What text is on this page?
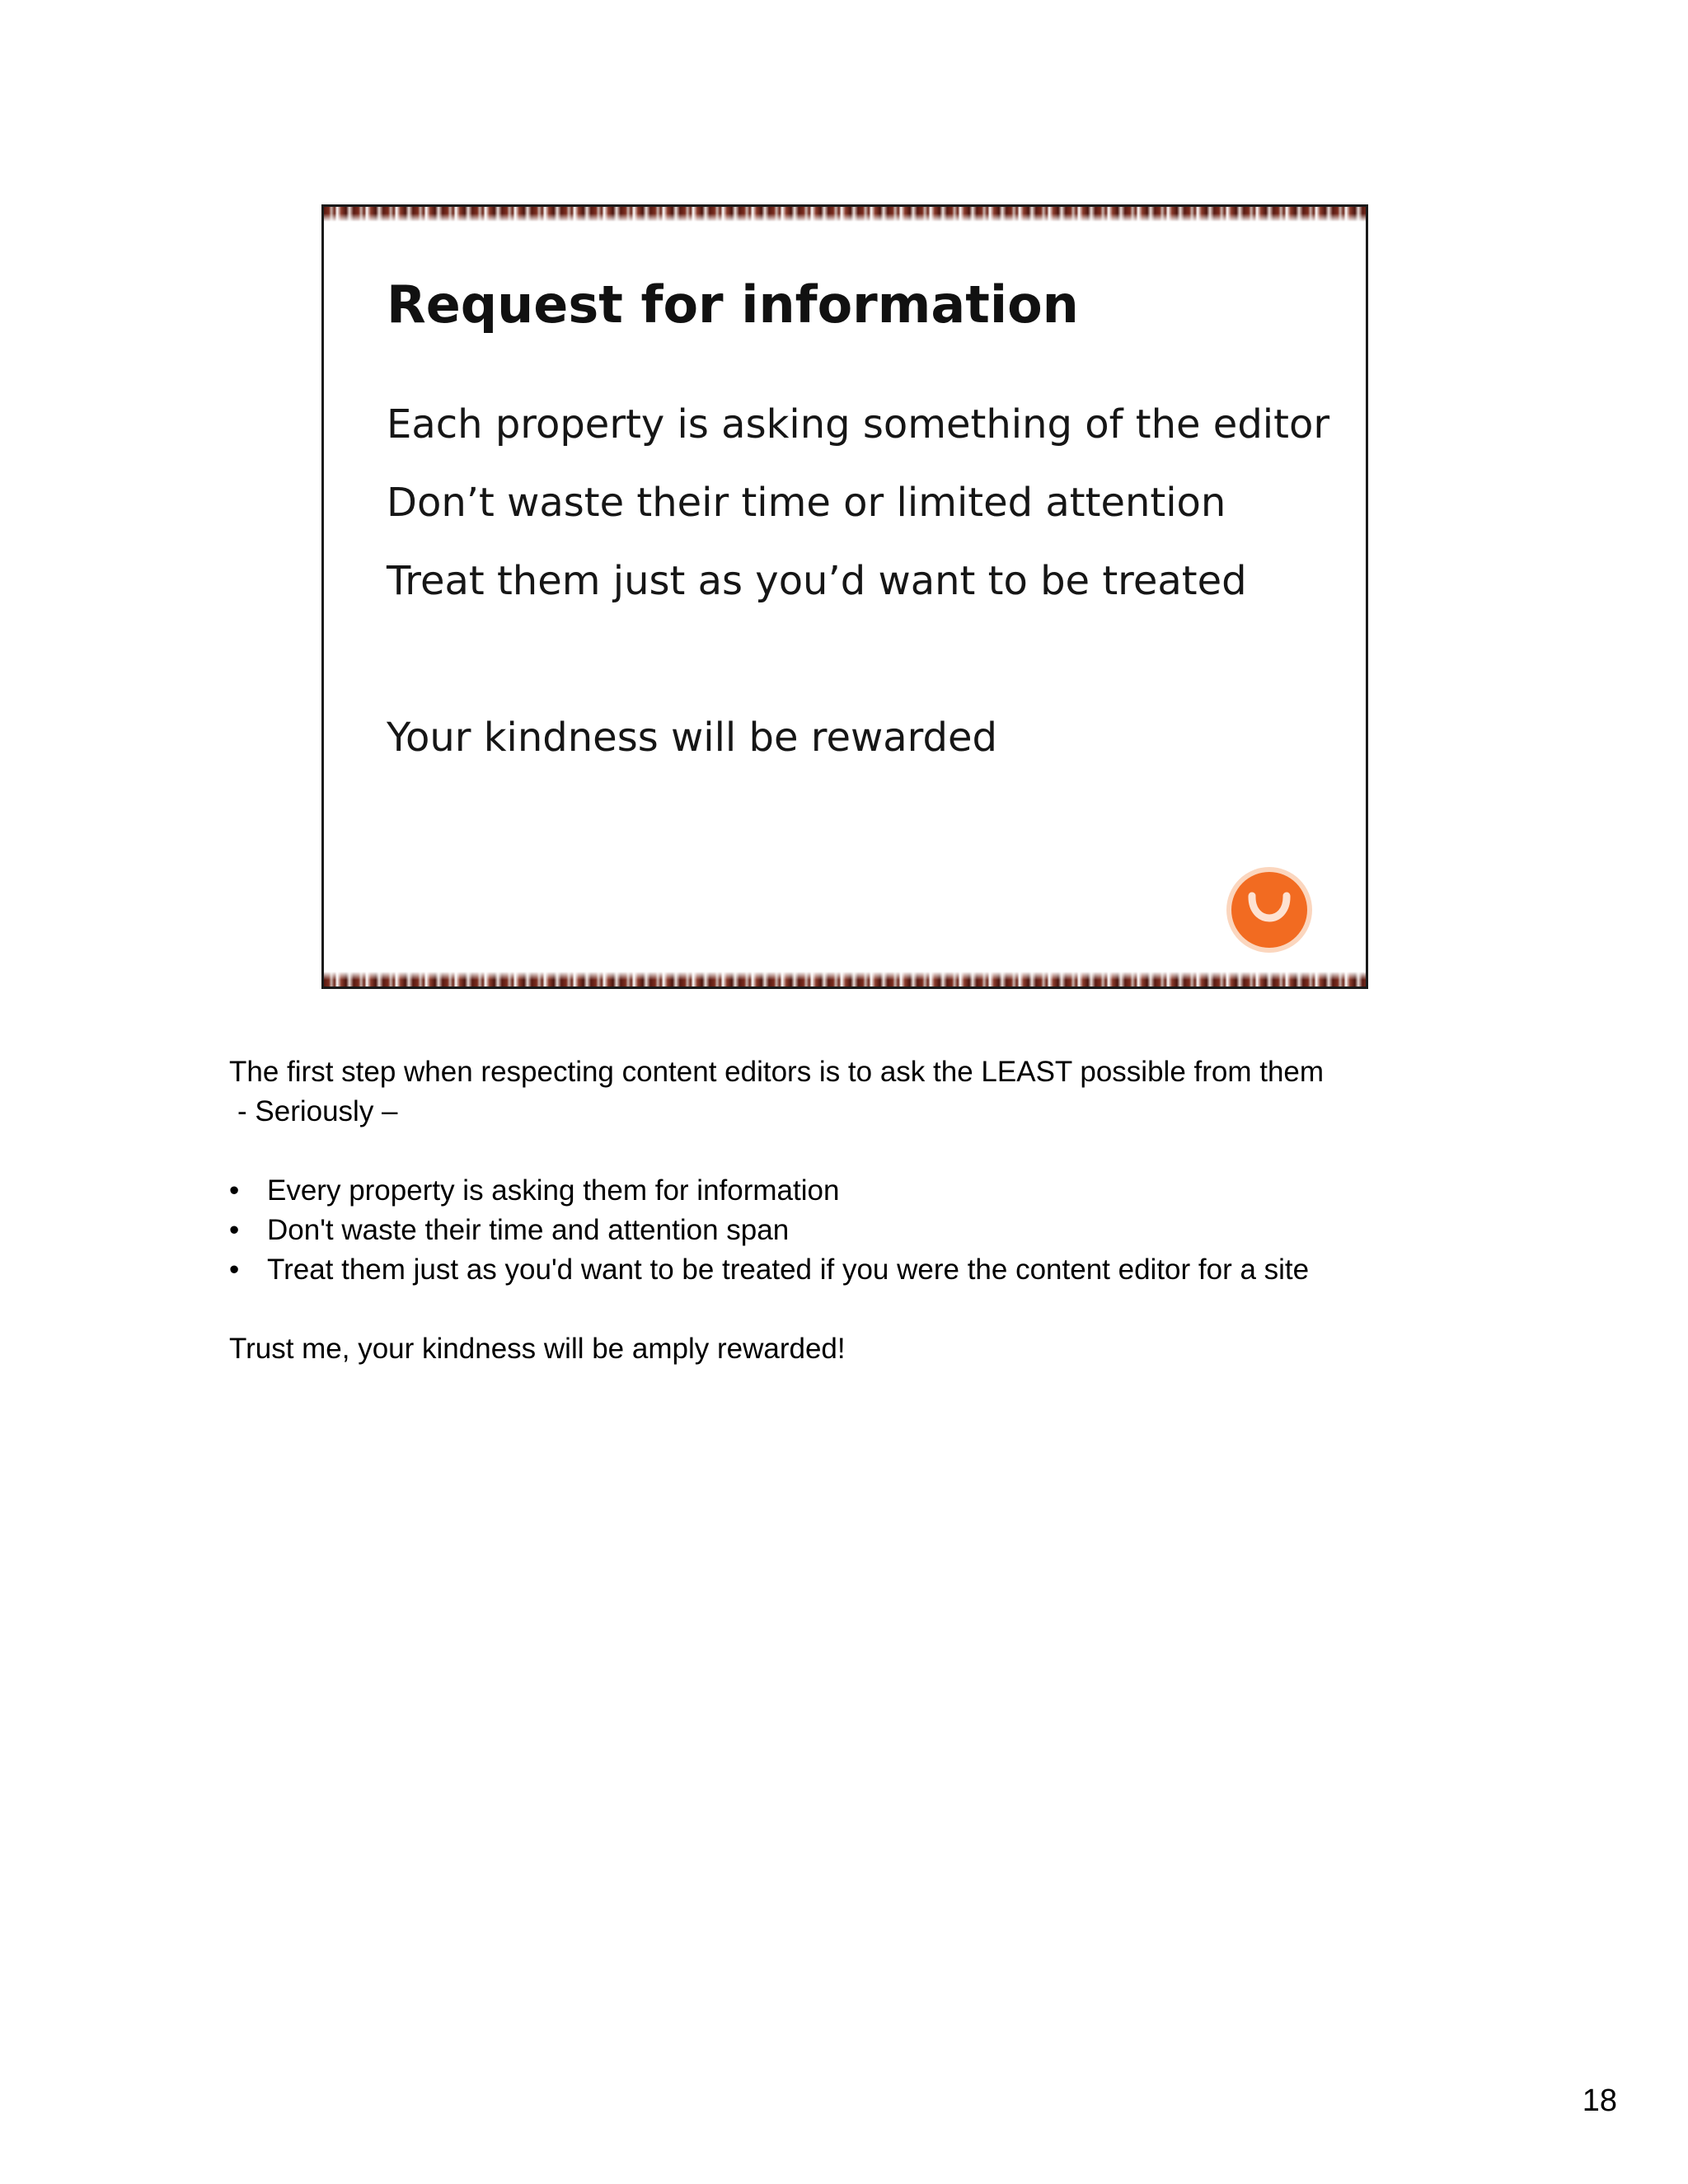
Request for information

Each property is asking something of the editor

Don’t waste their time or limited attention

Treat them just as you’d want to be treated

Your kindness will be rewarded

The first step when respecting content editors is to ask the LEAST possible from them

- Seriously –

• Every property is asking them for information
• Don't waste their time and attention span
• Treat them just as you'd want to be treated if you were the content editor for a site

Trust me, your kindness will be amply rewarded!

18
